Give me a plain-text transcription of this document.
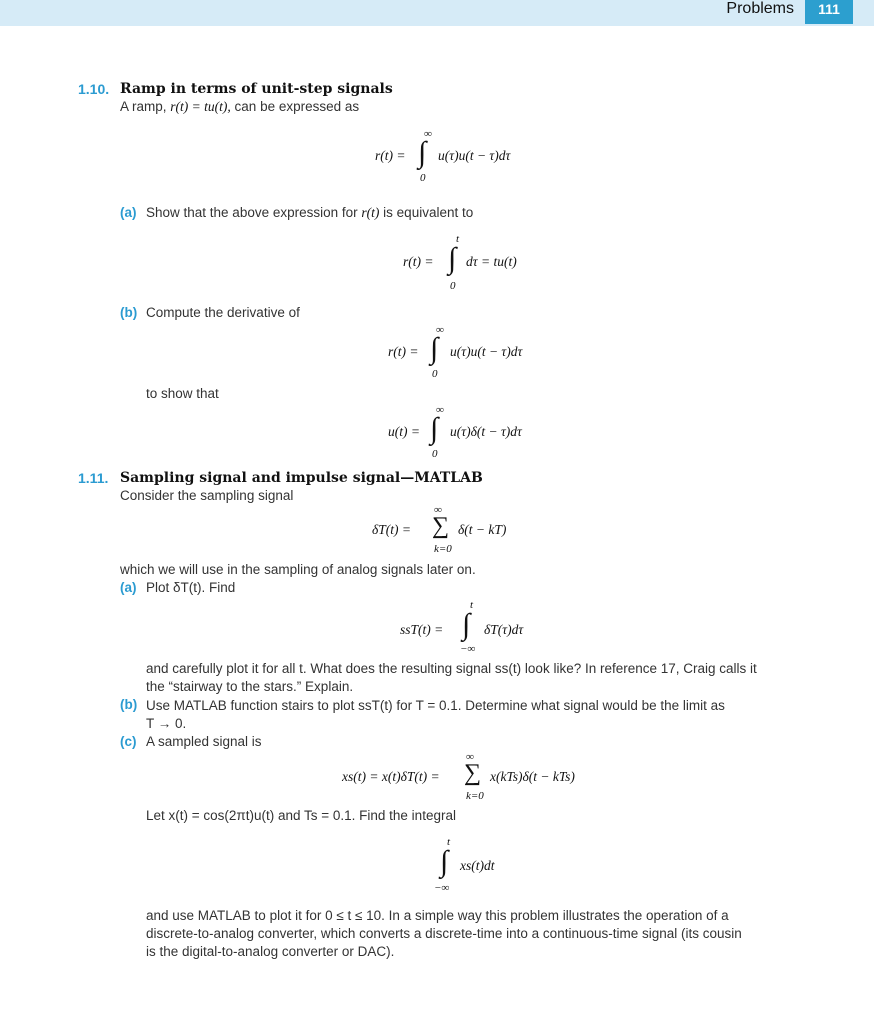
Problems	111
1.10. Ramp in terms of unit-step signals
A ramp, r(t) = tu(t), can be expressed as
r(t) =
∞
∫
0
u(τ)u(t − τ)dτ
(a) Show that the above expression for r(t) is equivalent to
r(t) =
t
∫
0
dτ = tu(t)
(b) Compute the derivative of
r(t) =
∞
∫
0
u(τ)u(t − τ)dτ
to show that
u(t) =
∞
∫
0
u(τ)δ(t − τ)dτ
1.11. Sampling signal and impulse signal—MATLAB
Consider the sampling signal
δT(t) =
∞
∑
k=0
δ(t − kT)
which we will use in the sampling of analog signals later on.
(a) Plot δT(t). Find
ssT(t) =
t
∫
−∞
δT(τ)dτ
and carefully plot it for all t. What does the resulting signal ss(t) look like? In reference 17, Craig calls it
the “stairway to the stars.” Explain.
(b) Use MATLAB function stairs to plot ssT(t) for T = 0.1. Determine what signal would be the limit as
T → 0.
(c) A sampled signal is
xs(t) = x(t)δT(t) =
∞
∑
k=0
x(kTs)δ(t − kTs)
Let x(t) = cos(2πt)u(t) and Ts = 0.1. Find the integral
t
∫
−∞
xs(t)dt
and use MATLAB to plot it for 0 ≤ t ≤ 10. In a simple way this problem illustrates the operation of a
discrete-to-analog converter, which converts a discrete-time into a continuous-time signal (its cousin
is the digital-to-analog converter or DAC).
